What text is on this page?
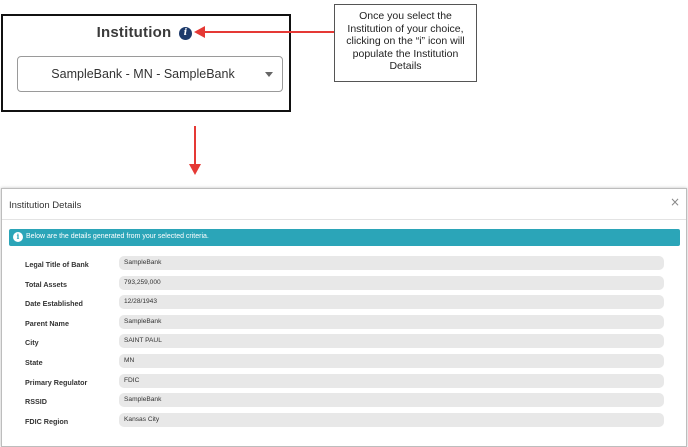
Institution	i
SampleBank - MN - SampleBank
Once you select the Institution of your choice, clicking on the “i” icon will populate the Institution Details
Institution Details	×
i Below are the details generated from your selected criteria.
Legal Title of Bank	SampleBank
Total Assets	793,259,000
Date Established	12/28/1943
Parent Name	SampleBank
City	SAINT PAUL
State	MN
Primary Regulator	FDIC
RSSID	SampleBank
FDIC Region	Kansas City
